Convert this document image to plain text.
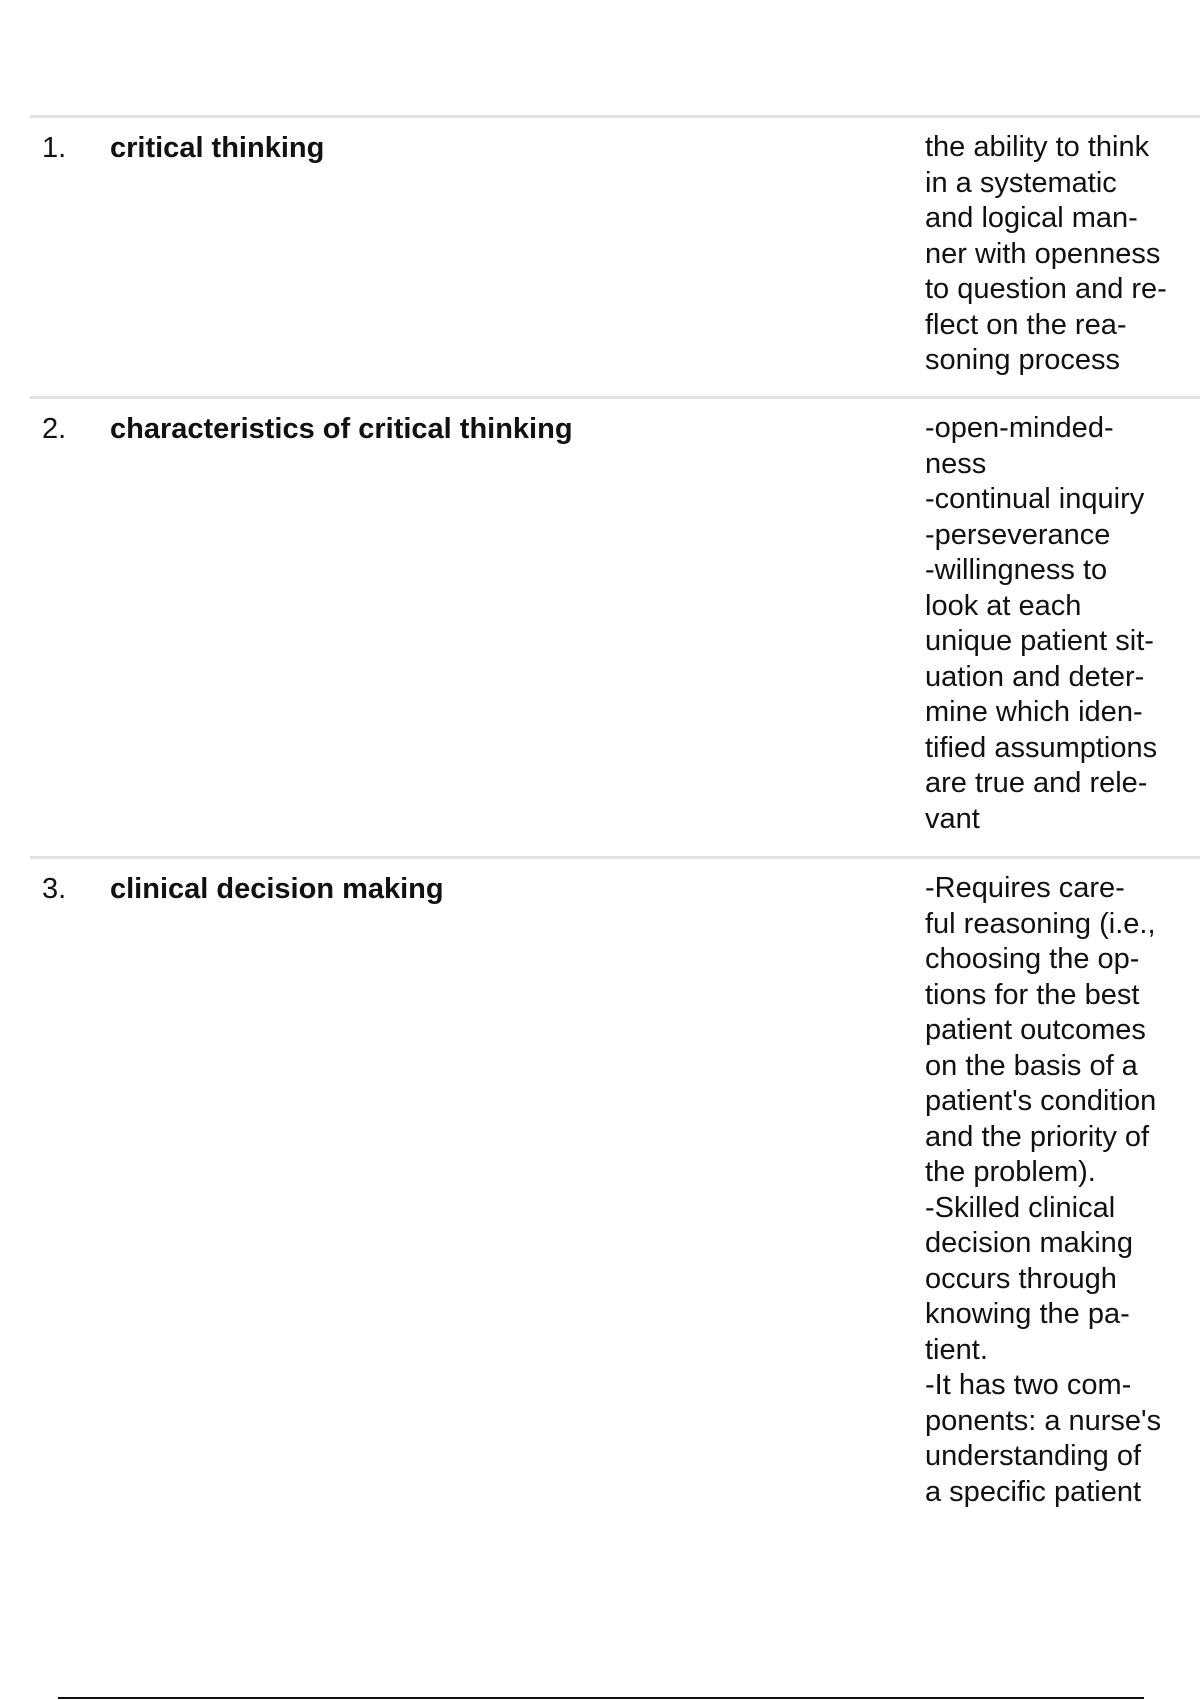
1. critical thinking	the ability to think
in a systematic
and logical man-
ner with openness
to question and re-
flect on the rea-
soning process
2. characteristics of critical thinking	-open-minded-
ness
-continual inquiry
-perseverance
-willingness to
look at each
unique patient sit-
uation and deter-
mine which iden-
tified assumptions
are true and rele-
vant
3. clinical decision making	-Requires care-
ful reasoning (i.e.,
choosing the op-
tions for the best
patient outcomes
on the basis of a
patient's condition
and the priority of
the problem).
-Skilled clinical
decision making
occurs through
knowing the pa-
tient.
-It has two com-
ponents: a nurse's
understanding of
a specific patient
